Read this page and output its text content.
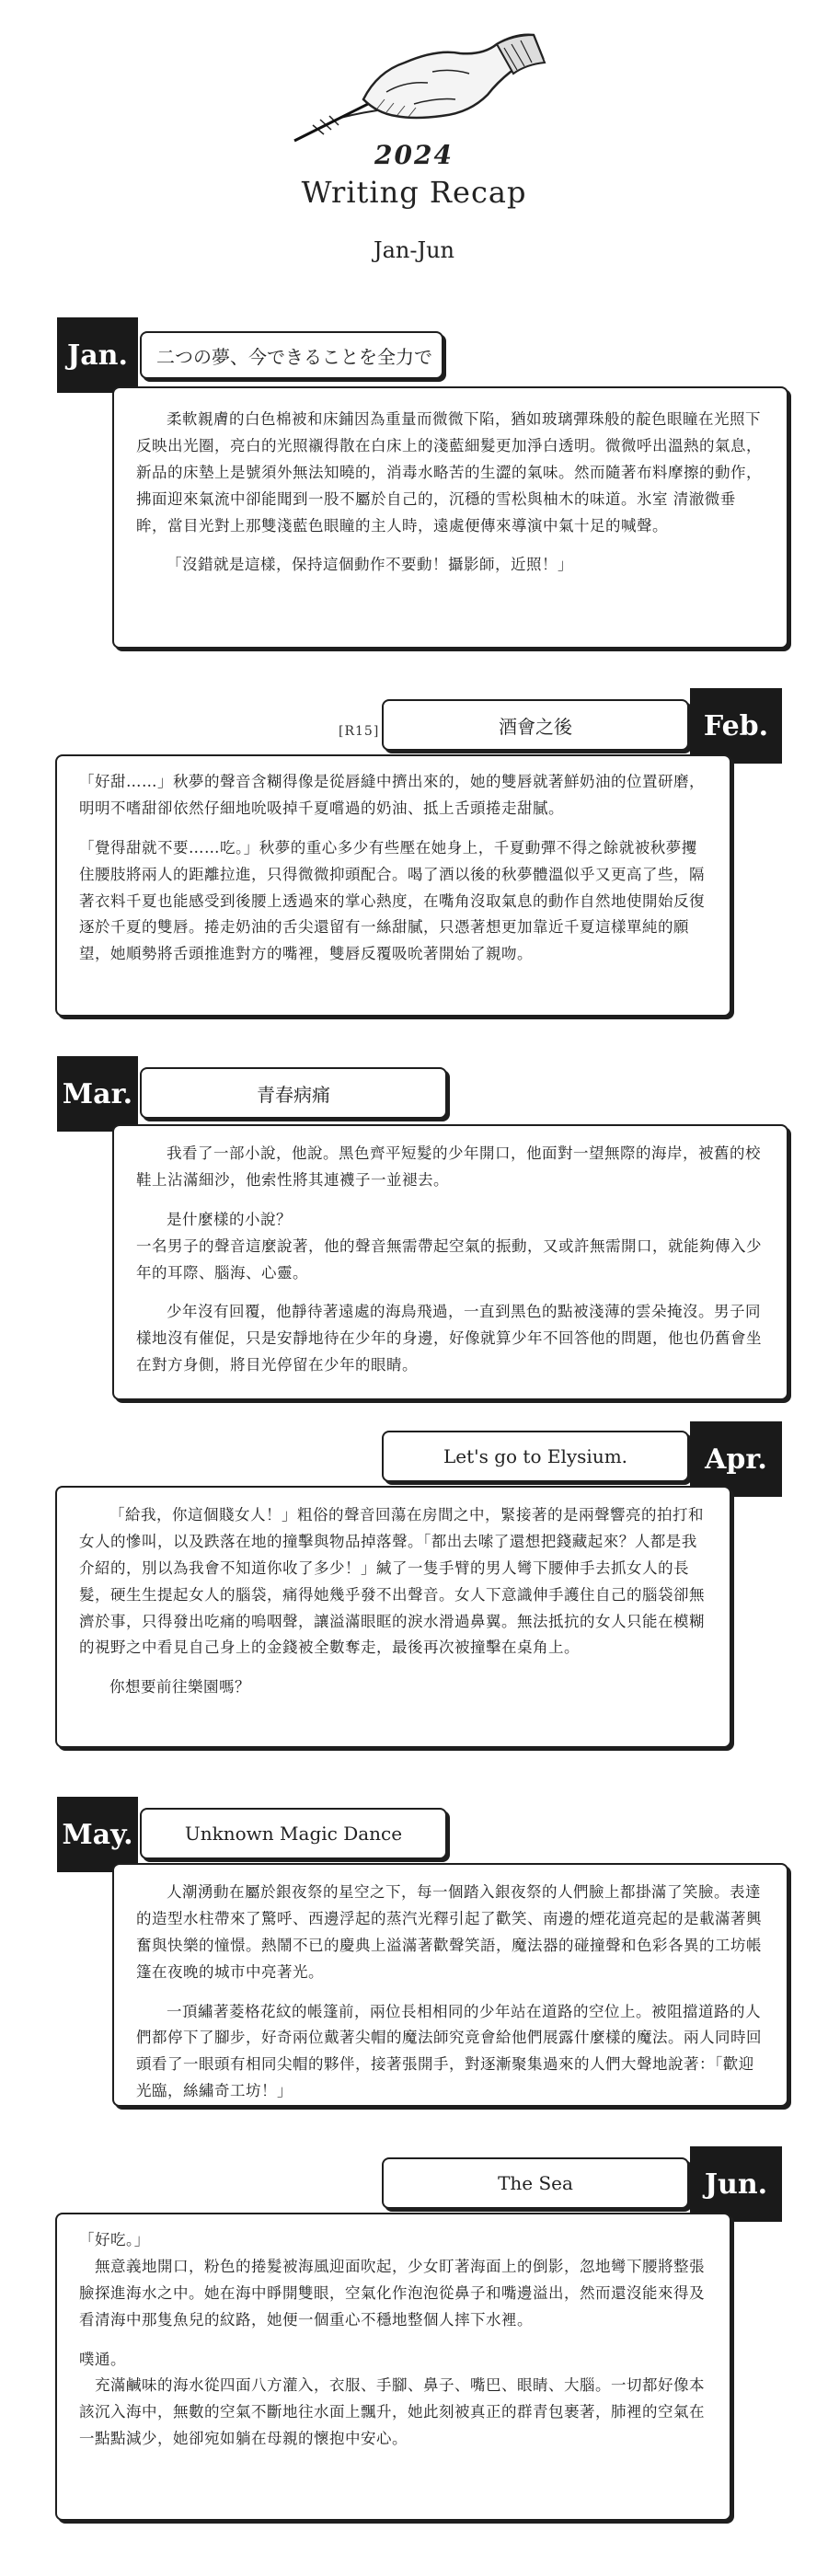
2024
Writing Recap
Jan-Jun
Jan.	二つの夢、今できることを全力で

柔軟親膚的白色棉被和床鋪因為重量而微微下陷，猶如玻璃彈珠般的靛色眼瞳在光照下反映出光圈，亮白的光照襯得散在白床上的淺藍細髮更加淨白透明。微微呼出溫熱的氣息，新品的床墊上是號須外無法知曉的，消毒水略苦的生澀的氣味。然而隨著布料摩擦的動作，拂面迎來氣流中卻能聞到一股不屬於自己的，沉穩的雪松與柚木的味道。氷室 清澈微垂眸，當目光對上那雙淺藍色眼瞳的主人時，遠處便傳來導演中氣十足的喊聲。

「沒錯就是這樣，保持這個動作不要動！攝影師，近照！」

[R15]	酒會之後	Feb.

「好甜……」秋夢的聲音含糊得像是從唇縫中擠出來的，她的雙唇就著鮮奶油的位置研磨，明明不嗜甜卻依然仔細地吮吸掉千夏嚐過的奶油、抵上舌頭捲走甜膩。

「覺得甜就不要……吃。」秋夢的重心多少有些壓在她身上，千夏動彈不得之餘就被秋夢攫住腰肢將兩人的距離拉進，只得微微抑頭配合。喝了酒以後的秋夢體溫似乎又更高了些，隔著衣料千夏也能感受到後腰上透過來的掌心熱度，在嘴角沒取氣息的動作自然地使開始反復逐於千夏的雙唇。捲走奶油的舌尖還留有一絲甜膩，只憑著想更加靠近千夏這樣單純的願望，她順勢將舌頭推進對方的嘴裡，雙唇反覆吸吮著開始了親吻。

Mar.	青春病痛

我看了一部小說，他說。黑色齊平短髮的少年開口，他面對一望無際的海岸，被舊的校鞋上沾滿細沙，他索性將其連襪子一並褪去。

是什麼樣的小說？
一名男子的聲音這麼說著，他的聲音無需帶起空氣的振動，又或許無需開口，就能夠傳入少年的耳際、腦海、心靈。

少年沒有回覆，他靜待著遠處的海鳥飛過，一直到黑色的點被淺薄的雲朵掩沒。男子同樣地沒有催促，只是安靜地待在少年的身邊，好像就算少年不回答他的問題，他也仍舊會坐在對方身側，將目光停留在少年的眼睛。

Let's go to Elysium.	Apr.

「給我，你這個賤女人！」粗俗的聲音回蕩在房間之中，緊接著的是兩聲響亮的拍打和女人的慘叫，以及跌落在地的撞擊與物品掉落聲。「都出去嗦了還想把錢藏起來？人都是我介紹的，別以為我會不知道你收了多少！」緘了一隻手臂的男人彎下腰伸手去抓女人的長髮，硬生生提起女人的腦袋，痛得她幾乎發不出聲音。女人下意識伸手護住自己的腦袋卻無濟於事，只得發出吃痛的嗚咽聲，讓溢滿眼眶的淚水滑過鼻翼。無法抵抗的女人只能在模糊的視野之中看見自己身上的金錢被全數奪走，最後再次被撞擊在桌角上。

你想要前往樂園嗎？

May.	Unknown Magic Dance

人潮湧動在屬於銀夜祭的星空之下，每一個踏入銀夜祭的人們臉上都掛滿了笑臉。表達的造型水柱帶來了驚呼、西邊浮起的蒸汽光釋引起了歡笑、南邊的煙花道亮起的是載滿著興奮與快樂的憧憬。熱鬧不已的慶典上溢滿著歡聲笑語，魔法器的碰撞聲和色彩各異的工坊帳篷在夜晚的城市中亮著光。

一頂繡著菱格花紋的帳篷前，兩位長相相同的少年站在道路的空位上。被阻擋道路的人們都停下了腳步，好奇兩位戴著尖帽的魔法師究竟會給他們展露什麼樣的魔法。兩人同時回頭看了一眼頭有相同尖帽的夥伴，接著張開手，對逐漸聚集過來的人們大聲地說著：「歡迎光臨，絲繡奇工坊！」

The Sea	Jun.

「好吃。」
　無意義地開口，粉色的捲髮被海風迎面吹起，少女盯著海面上的倒影，忽地彎下腰將整張臉探進海水之中。她在海中睜開雙眼，空氣化作泡泡從鼻子和嘴邊溢出，然而還沒能來得及看清海中那隻魚兒的紋路，她便一個重心不穩地整個人摔下水裡。

噗通。
　充滿鹹味的海水從四面八方灌入，衣服、手腳、鼻子、嘴巴、眼睛、大腦。一切都好像本該沉入海中，無數的空氣不斷地往水面上飄升，她此刻被真正的群青包裹著，肺裡的空氣在一點點減少，她卻宛如躺在母親的懷抱中安心。
